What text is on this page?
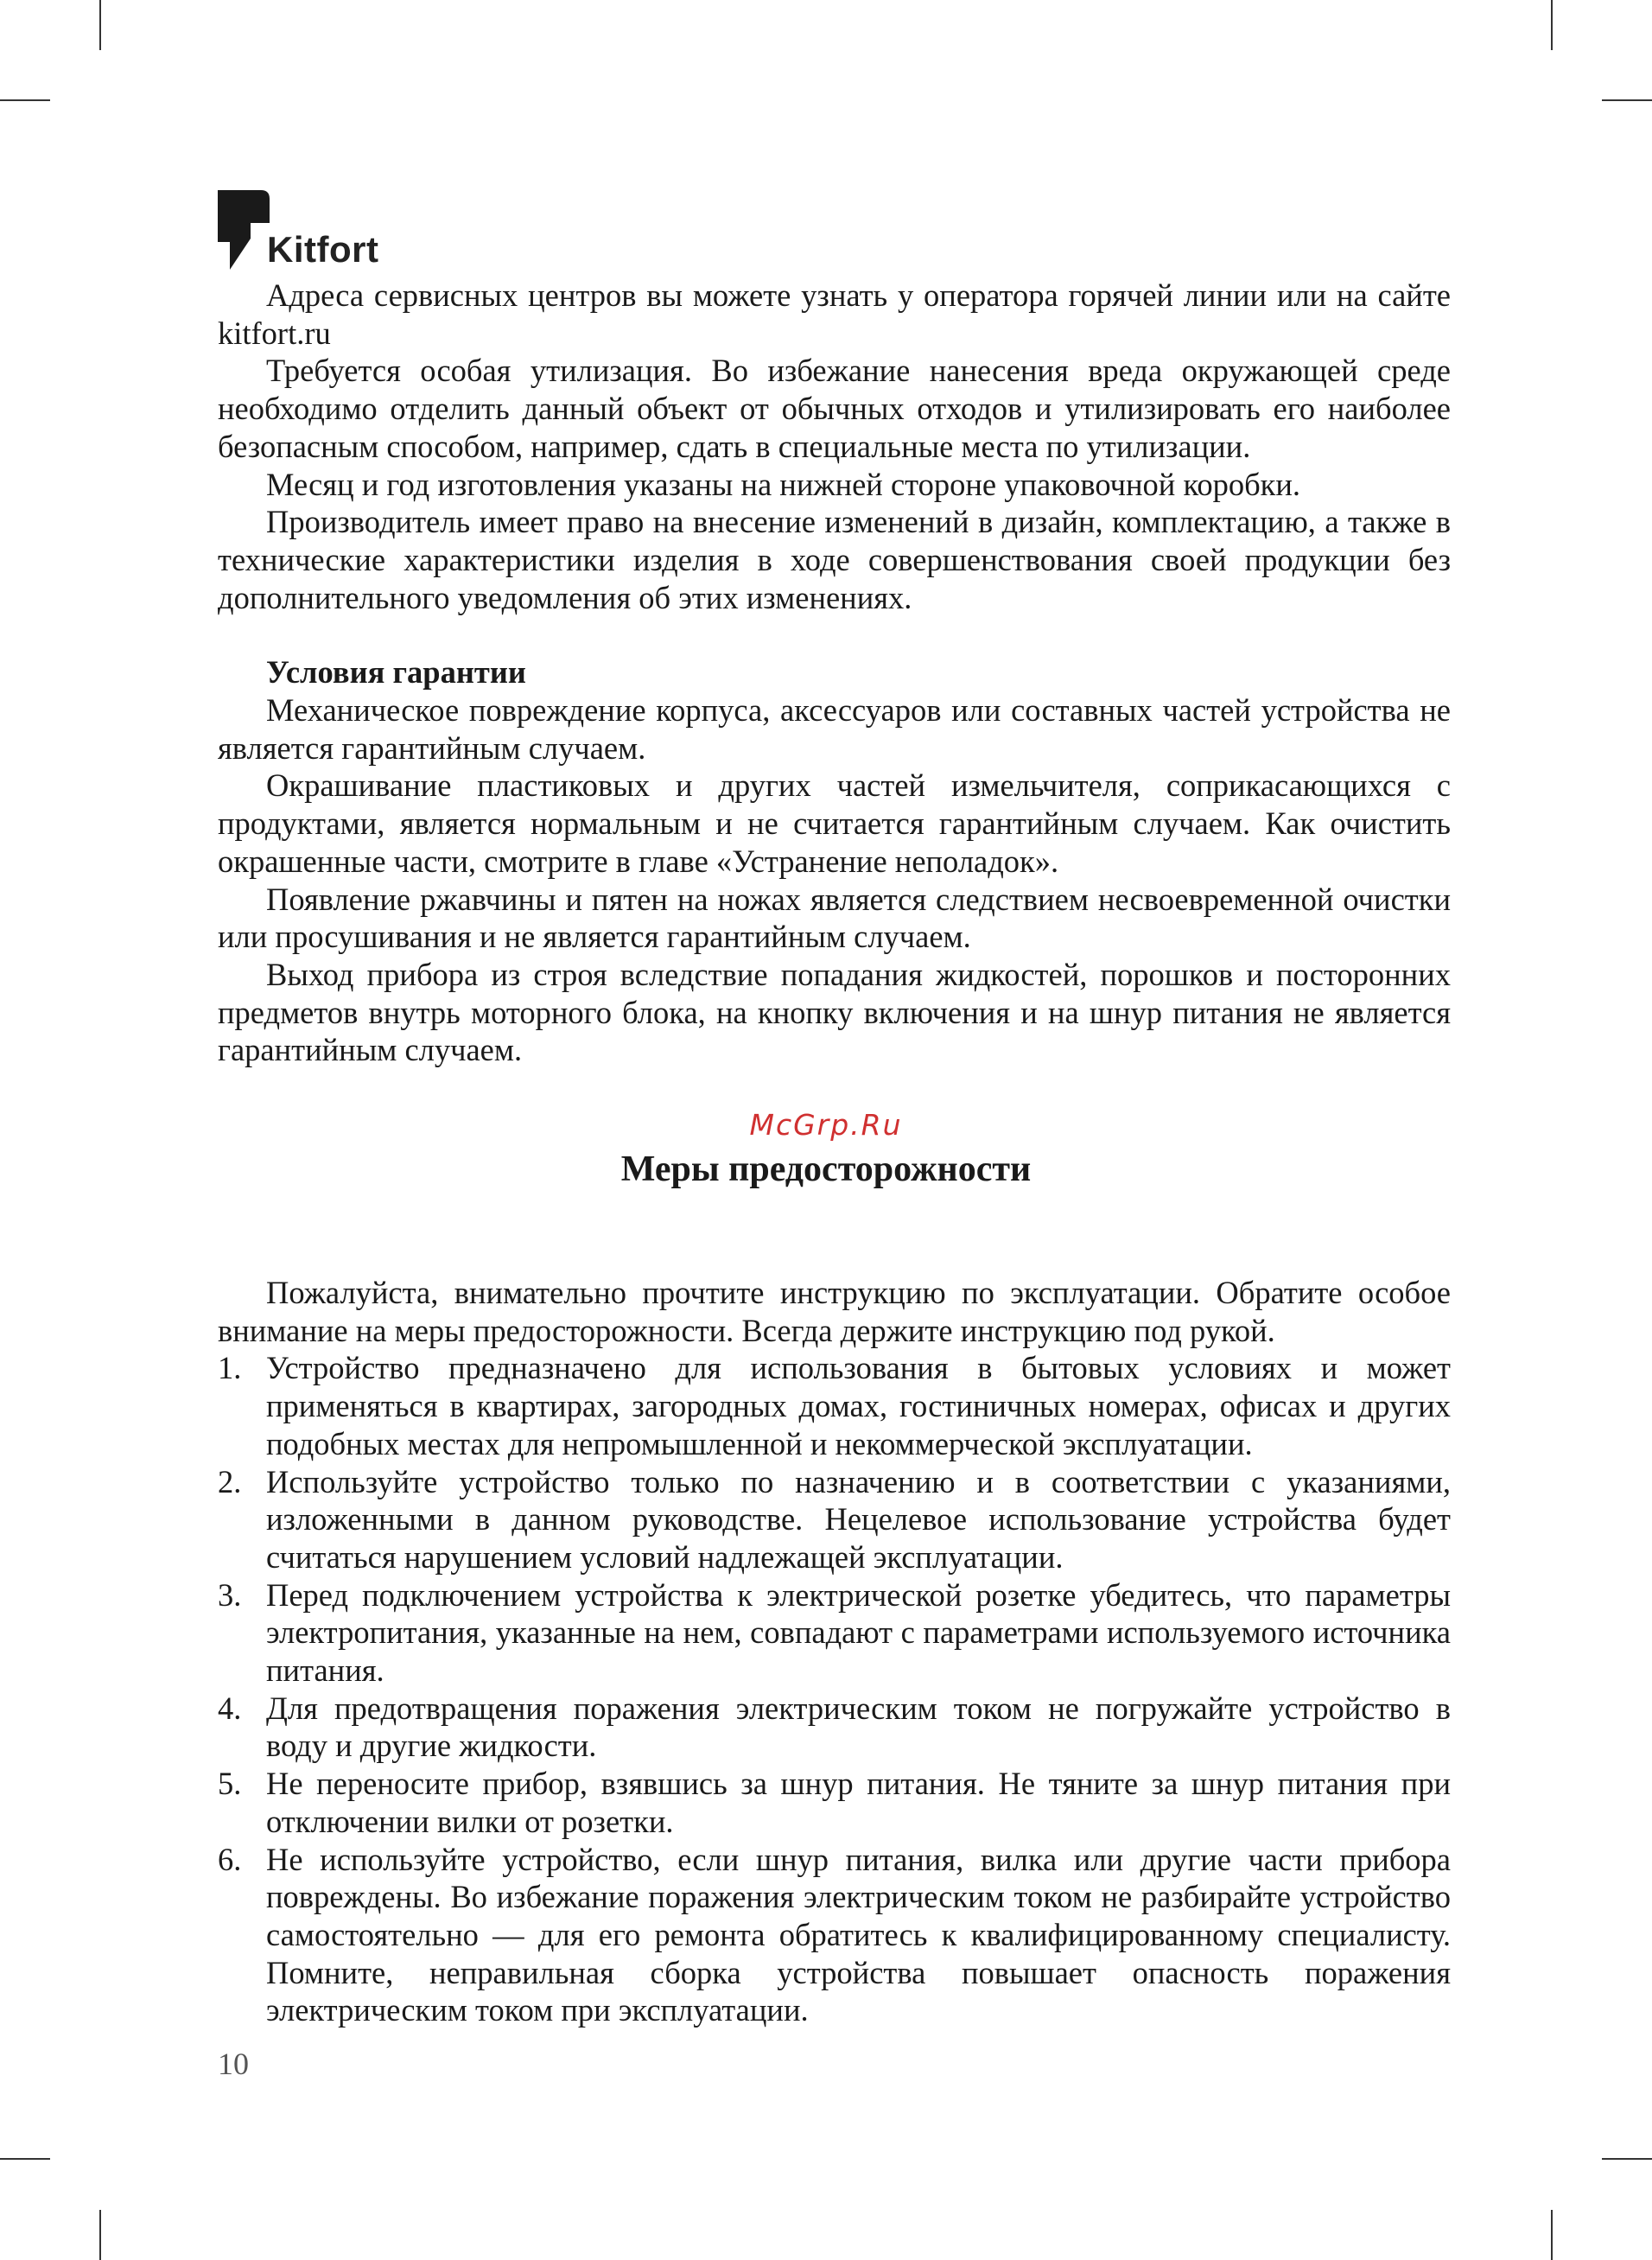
Kitfort

Адреса сервисных центров вы можете узнать у оператора горячей линии или на сайте kitfort.ru

Требуется особая утилизация. Во избежание нанесения вреда окружающей среде необходимо отделить данный объект от обычных отходов и утилизировать его наиболее безопасным способом, например, сдать в специальные места по утилизации.

Месяц и год изготовления указаны на нижней стороне упаковочной коробки.

Производитель имеет право на внесение изменений в дизайн, комплектацию, а также в технические характеристики изделия в ходе совершенствования своей продукции без дополнительного уведомления об этих изменениях.

Условия гарантии

Механическое повреждение корпуса, аксессуаров или составных частей устройства не является гарантийным случаем.

Окрашивание пластиковых и других частей измельчителя, соприкасающихся с продуктами, является нормальным и не считается гарантийным случаем. Как очистить окрашенные части, смотрите в главе «Устранение неполадок».

Появление ржавчины и пятен на ножах является следствием несвоевременной очистки или просушивания и не является гарантийным случаем.

Выход прибора из строя вследствие попадания жидкостей, порошков и посторонних предметов внутрь моторного блока, на кнопку включения и на шнур питания не является гарантийным случаем.

McGrp.Ru
Меры предосторожности

Пожалуйста, внимательно прочтите инструкцию по эксплуатации. Обратите особое внимание на меры предосторожности. Всегда держите инструкцию под рукой.

1. Устройство предназначено для использования в бытовых условиях и может применяться в квартирах, загородных домах, гостиничных номерах, офисах и других подобных местах для непромышленной и некоммерческой эксплуатации.
2. Используйте устройство только по назначению и в соответствии с указаниями, изложенными в данном руководстве. Нецелевое использование устройства будет считаться нарушением условий надлежащей эксплуатации.
3. Перед подключением устройства к электрической розетке убедитесь, что параметры электропитания, указанные на нем, совпадают с параметрами используемого источника питания.
4. Для предотвращения поражения электрическим током не погружайте устройство в воду и другие жидкости.
5. Не переносите прибор, взявшись за шнур питания. Не тяните за шнур питания при отключении вилки от розетки.
6. Не используйте устройство, если шнур питания, вилка или другие части прибора повреждены. Во избежание поражения электрическим током не разбирайте устройство самостоятельно — для его ремонта обратитесь к квалифицированному специалисту. Помните, неправильная сборка устройства повышает опасность поражения электрическим током при эксплуатации.
10
